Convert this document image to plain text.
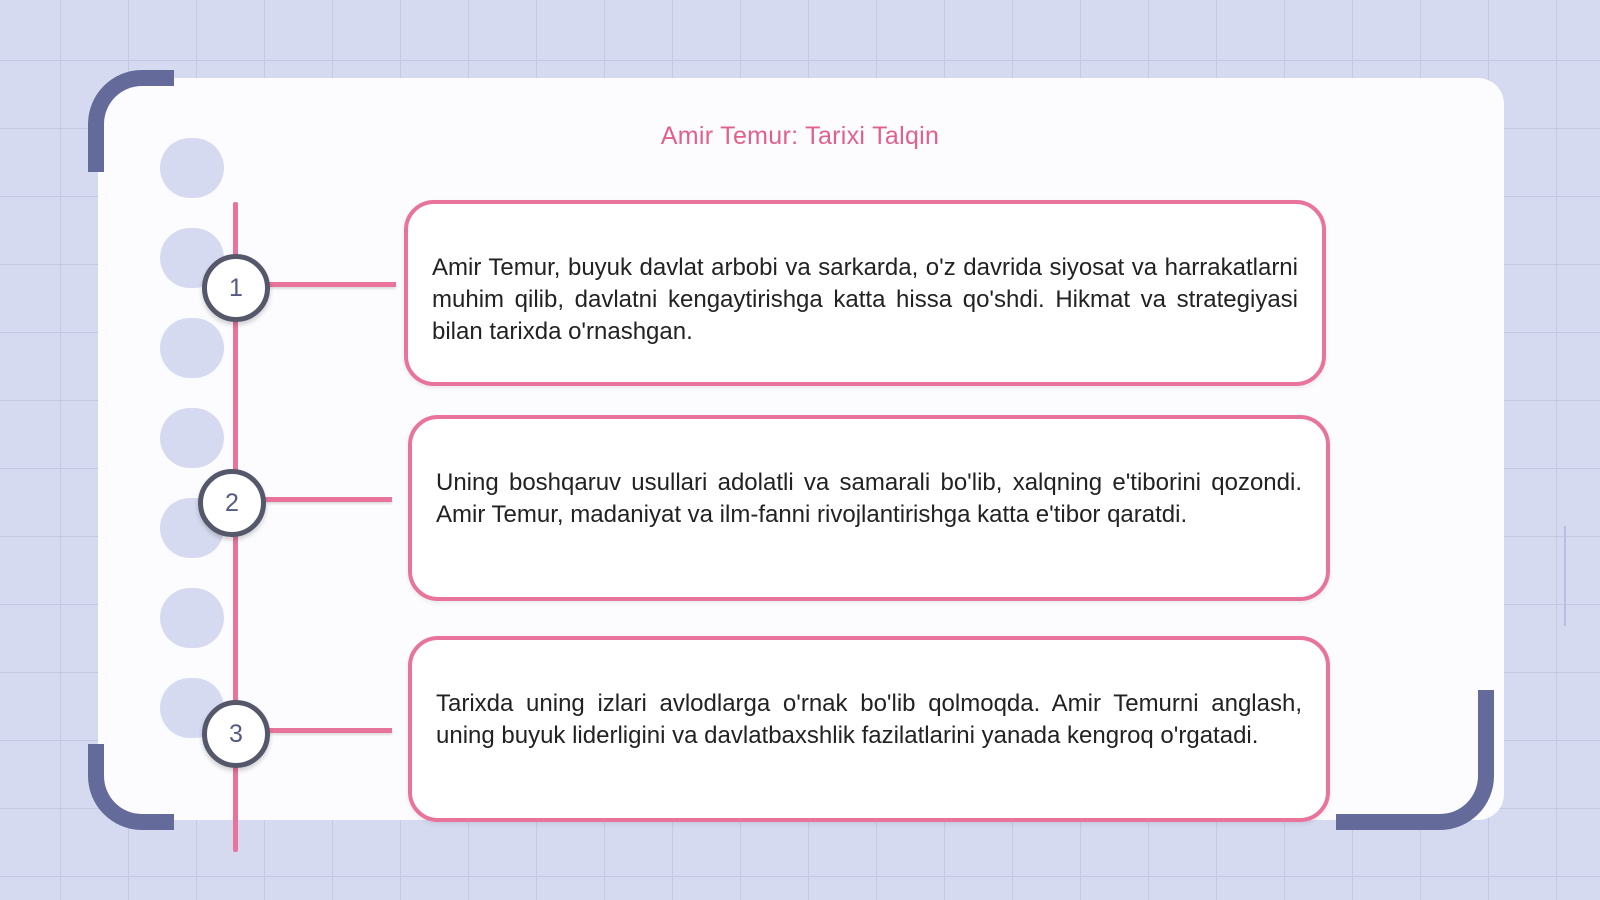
Amir Temur: Tarixi Talqin
1
Amir Temur, buyuk davlat arbobi va sarkarda, o'z davrida siyosat va harrakatlarni muhim qilib, davlatni kengaytirishga katta hissa qo'shdi. Hikmat va strategiyasi bilan tarixda o'rnashgan.
2
Uning boshqaruv usullari adolatli va samarali bo'lib, xalqning e'tiborini qozondi. Amir Temur, madaniyat va ilm-fanni rivojlantirishga katta e'tibor qaratdi.
3
Tarixda uning izlari avlodlarga o'rnak bo'lib qolmoqda. Amir Temurni anglash, uning buyuk liderligini va davlatbaxshlik fazilatlarini yanada kengroq o'rgatadi.
